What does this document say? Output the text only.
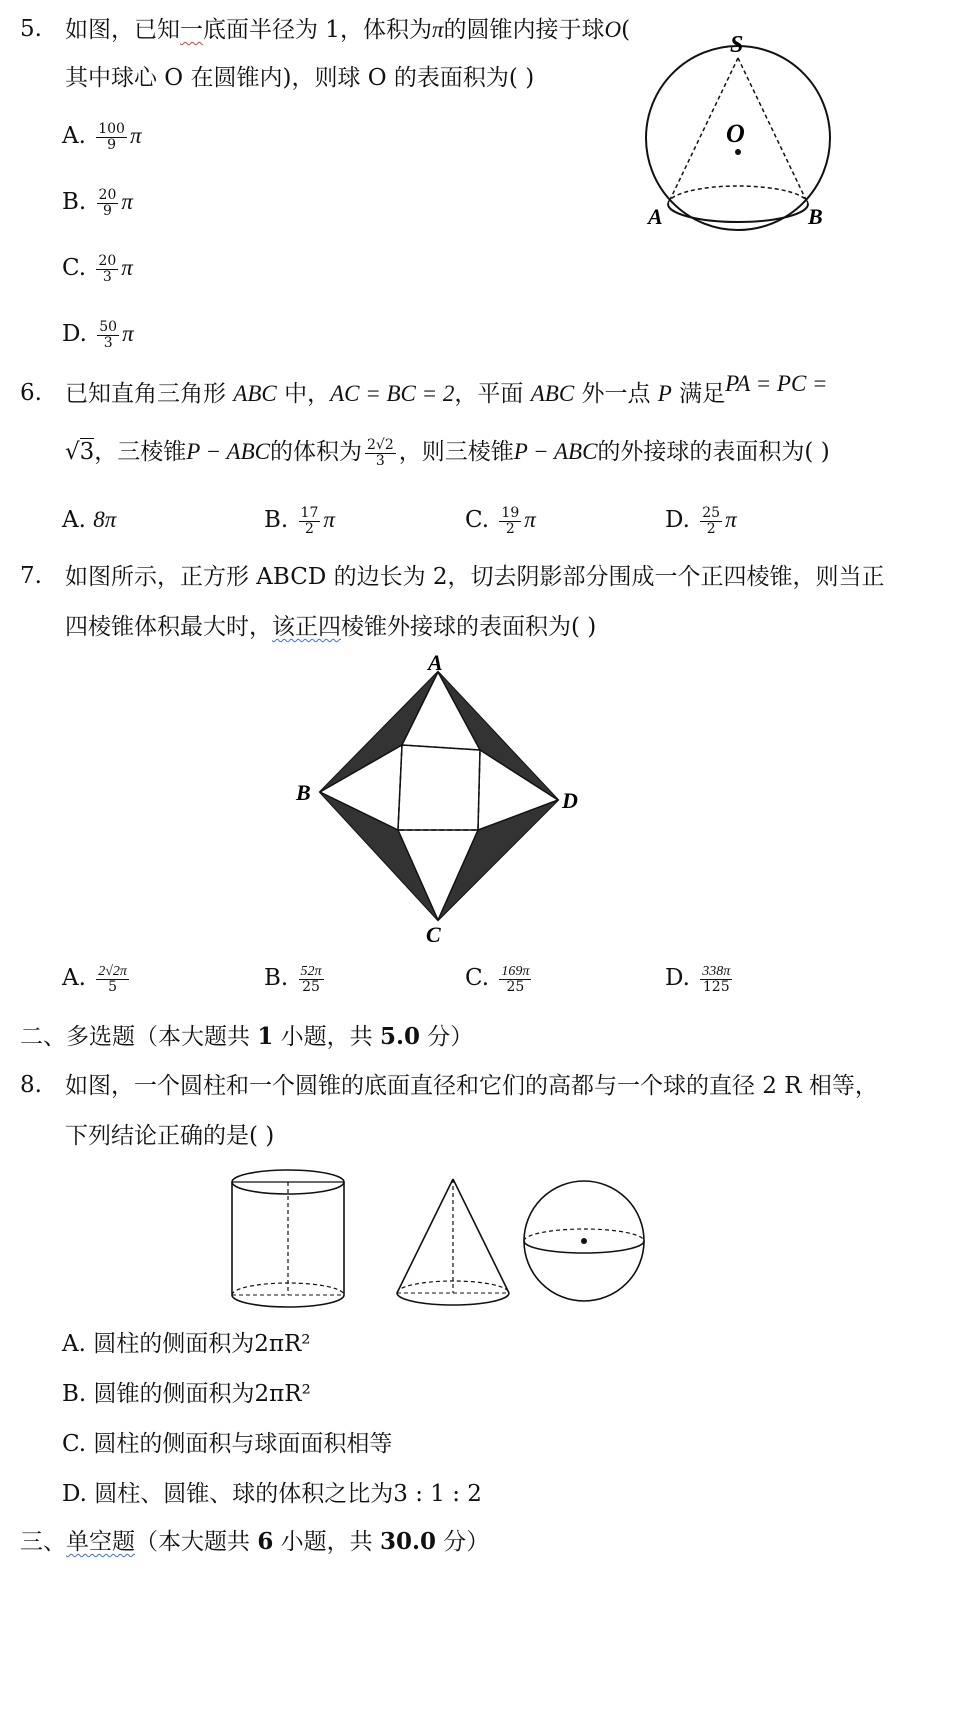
5. 如图，已知一底面半径为 1，体积为π的圆锥内接于球O(
其中球心 O 在圆锥内)，则球 O 的表面积为( )
A. $\frac{100}{9}$ π
B. $\frac{20}{9}$ π
C. $\frac{20}{3}$ π
D. $\frac{50}{3}$ π
S
O
A	B
6. 已知直角三角形 ABC 中，AC = BC = 2，平面 ABC 外一点 P 满足PA = PC =
√3，三棱锥P − ABC的体积为 $\frac{2√2}{3}$ ，则三棱锥P − ABC的外接球的表面积为( )
A. 8π	B. $\frac{17}{2}$ π	C. $\frac{19}{2}$ π	D. $\frac{25}{2}$ π
7. 如图所示，正方形 ABCD 的边长为 2，切去阴影部分围成一个正四棱锥，则当正
四棱锥体积最大时，该正四棱锥外接球的表面积为( )
A
B	D
C
A. $\frac{2√2\pi}{5}$	B. $\frac{52\pi}{25}$	C. $\frac{169\pi}{25}$	D. $\frac{338\pi}{125}$
二、多选题（本大题共 1 小题，共 5.0 分）
8. 如图，一个圆柱和一个圆锥的底面直径和它们的高都与一个球的直径 2 R 相等，
下列结论正确的是( )
A. 圆柱的侧面积为2πR²
B. 圆锥的侧面积为2πR²
C. 圆柱的侧面积与球面面积相等
D. 圆柱、圆锥、球的体积之比为3 : 1 : 2
三、单空题（本大题共 6 小题，共 30.0 分）
